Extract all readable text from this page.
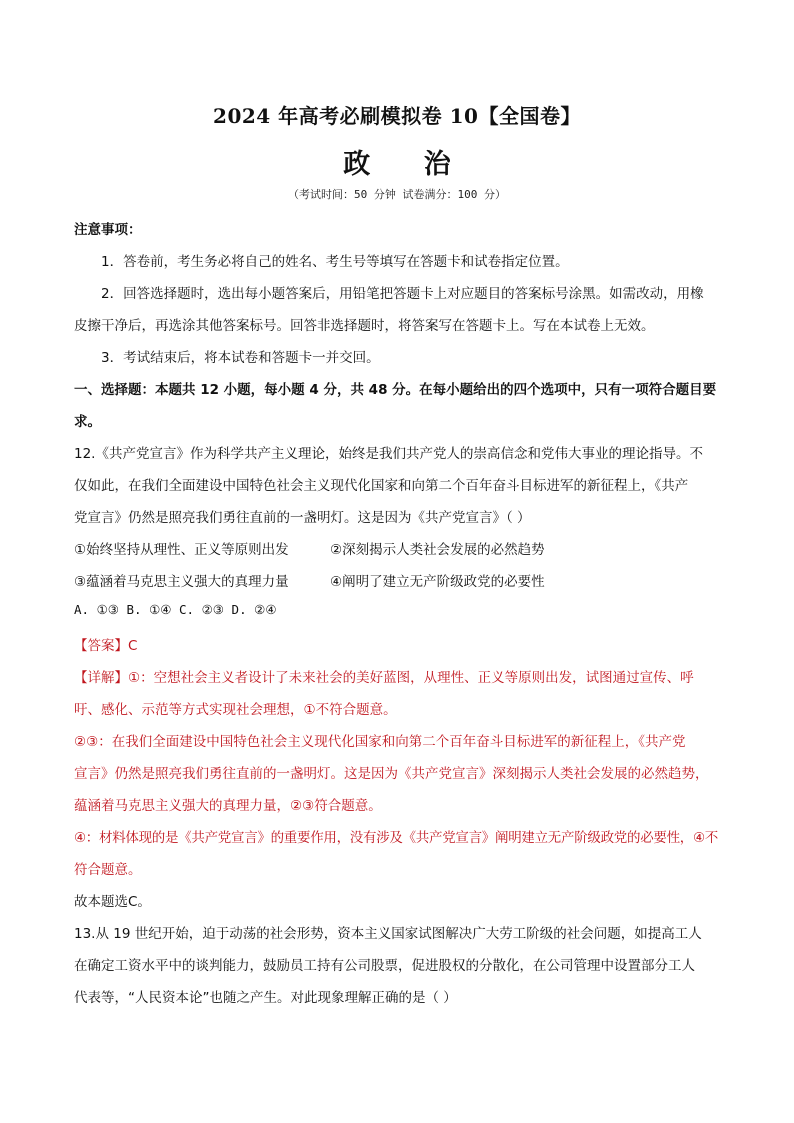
2024 年高考必刷模拟卷 10【全国卷】
政 治
（考试时间：50 分钟 试卷满分：100 分）
注意事项：
1．答卷前，考生务必将自己的姓名、考生号等填写在答题卡和试卷指定位置。
2．回答选择题时，选出每小题答案后，用铅笔把答题卡上对应题目的答案标号涂黑。如需改动，用橡
皮擦干净后，再选涂其他答案标号。回答非选择题时，将答案写在答题卡上。写在本试卷上无效。
3．考试结束后，将本试卷和答题卡一并交回。
一、选择题：本题共 12 小题，每小题 4 分，共 48 分。在每小题给出的四个选项中，只有一项符合题目要
求。
12.《共产党宣言》作为科学共产主义理论，始终是我们共产党人的崇高信念和党伟大事业的理论指导。不
仅如此，在我们全面建设中国特色社会主义现代化国家和向第二个百年奋斗目标进军的新征程上，《共产
党宣言》仍然是照亮我们勇往直前的一盏明灯。这是因为《共产党宣言》（ ）
①始终坚持从理性、正义等原则出发	②深刻揭示人类社会发展的必然趋势
③蕴涵着马克思主义强大的真理力量	④阐明了建立无产阶级政党的必要性
A. ①③ B. ①④ C. ②③ D. ②④
【答案】C
【详解】①：空想社会主义者设计了未来社会的美好蓝图，从理性、正义等原则出发，试图通过宣传、呼
吁、感化、示范等方式实现社会理想，①不符合题意。
②③：在我们全面建设中国特色社会主义现代化国家和向第二个百年奋斗目标进军的新征程上，《共产党
宣言》仍然是照亮我们勇往直前的一盏明灯。这是因为《共产党宣言》深刻揭示人类社会发展的必然趋势，
蕴涵着马克思主义强大的真理力量，②③符合题意。
④：材料体现的是《共产党宣言》的重要作用，没有涉及《共产党宣言》阐明建立无产阶级政党的必要性，④不
符合题意。
故本题选C。
13.从 19 世纪开始，迫于动荡的社会形势，资本主义国家试图解决广大劳工阶级的社会问题，如提高工人
在确定工资水平中的谈判能力，鼓励员工持有公司股票，促进股权的分散化，在公司管理中设置部分工人
代表等，“人民资本论”也随之产生。对此现象理解正确的是（ ）
